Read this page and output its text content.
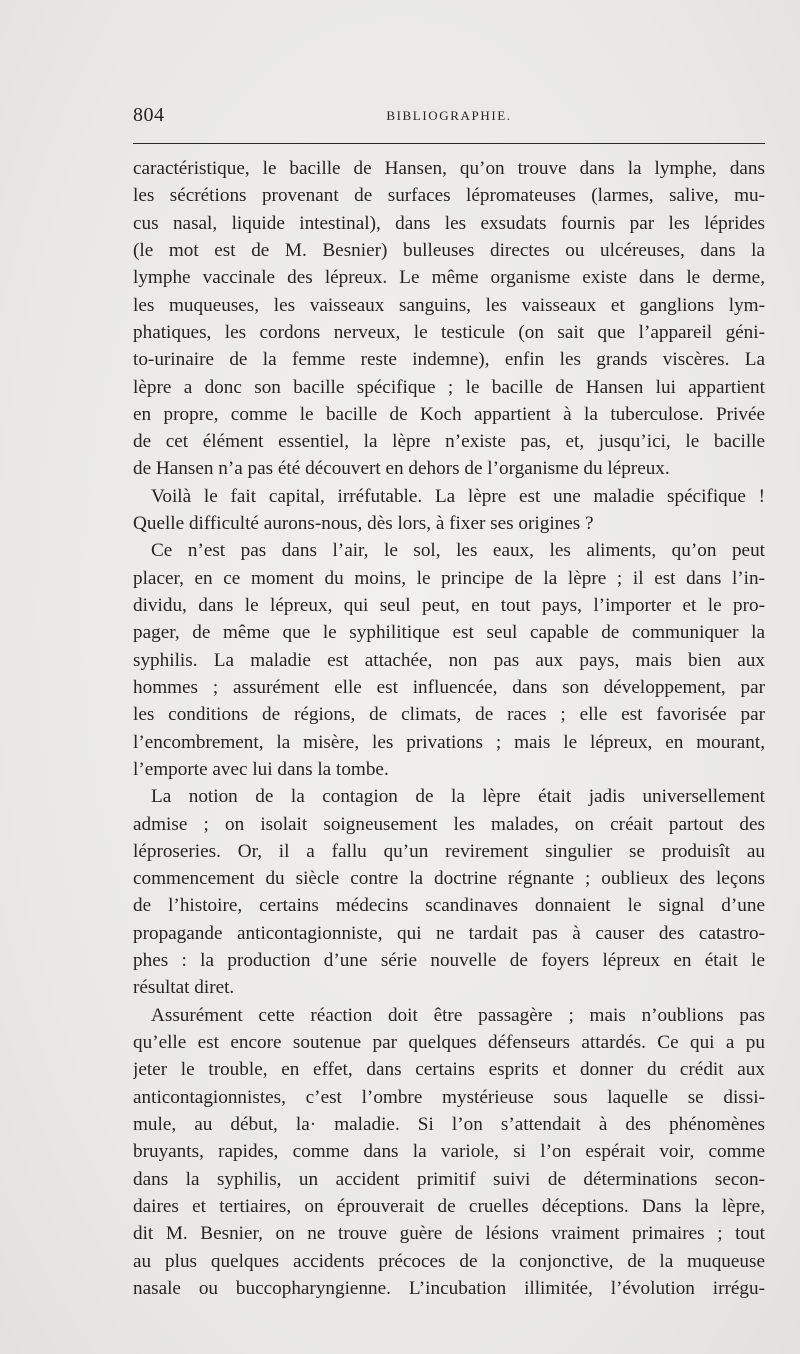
804	BIBLIOGRAPHIE.
caractéristique, le bacille de Hansen, qu’on trouve dans la lymphe, dans
les sécrétions provenant de surfaces lépromateuses (larmes, salive, mu-
cus nasal, liquide intestinal), dans les exsudats fournis par les léprides
(le mot est de M. Besnier) bulleuses directes ou ulcéreuses, dans la
lymphe vaccinale des lépreux. Le même organisme existe dans le derme,
les muqueuses, les vaisseaux sanguins, les vaisseaux et ganglions lym-
phatiques, les cordons nerveux, le testicule (on sait que l’appareil géni-
to-urinaire de la femme reste indemne), enfin les grands viscères. La
lèpre a donc son bacille spécifique ; le bacille de Hansen lui appartient
en propre, comme le bacille de Koch appartient à la tuberculose. Privée
de cet élément essentiel, la lèpre n’existe pas, et, jusqu’ici, le bacille
de Hansen n’a pas été découvert en dehors de l’organisme du lépreux.
Voilà le fait capital, irréfutable. La lèpre est une maladie spécifique !
Quelle difficulté aurons-nous, dès lors, à fixer ses origines ?
Ce n’est pas dans l’air, le sol, les eaux, les aliments, qu’on peut
placer, en ce moment du moins, le principe de la lèpre ; il est dans l’in-
dividu, dans le lépreux, qui seul peut, en tout pays, l’importer et le pro-
pager, de même que le syphilitique est seul capable de communiquer la
syphilis. La maladie est attachée, non pas aux pays, mais bien aux
hommes ; assurément elle est influencée, dans son développement, par
les conditions de régions, de climats, de races ; elle est favorisée par
l’encombrement, la misère, les privations ; mais le lépreux, en mourant,
l’emporte avec lui dans la tombe.
La notion de la contagion de la lèpre était jadis universellement
admise ; on isolait soigneusement les malades, on créait partout des
léproseries. Or, il a fallu qu’un revirement singulier se produisît au
commencement du siècle contre la doctrine régnante ; oublieux des leçons
de l’histoire, certains médecins scandinaves donnaient le signal d’une
propagande anticontagionniste, qui ne tardait pas à causer des catastro-
phes : la production d’une série nouvelle de foyers lépreux en était le
résultat diret.
Assurément cette réaction doit être passagère ; mais n’oublions pas
qu’elle est encore soutenue par quelques défenseurs attardés. Ce qui a pu
jeter le trouble, en effet, dans certains esprits et donner du crédit aux
anticontagionnistes, c’est l’ombre mystérieuse sous laquelle se dissi-
mule, au début, la· maladie. Si l’on s’attendait à des phénomènes
bruyants, rapides, comme dans la variole, si l’on espérait voir, comme
dans la syphilis, un accident primitif suivi de déterminations secon-
daires et tertiaires, on éprouverait de cruelles déceptions. Dans la lèpre,
dit M. Besnier, on ne trouve guère de lésions vraiment primaires ; tout
au plus quelques accidents précoces de la conjonctive, de la muqueuse
nasale ou buccopharyngienne. L’incubation illimitée, l’évolution irrégu-
